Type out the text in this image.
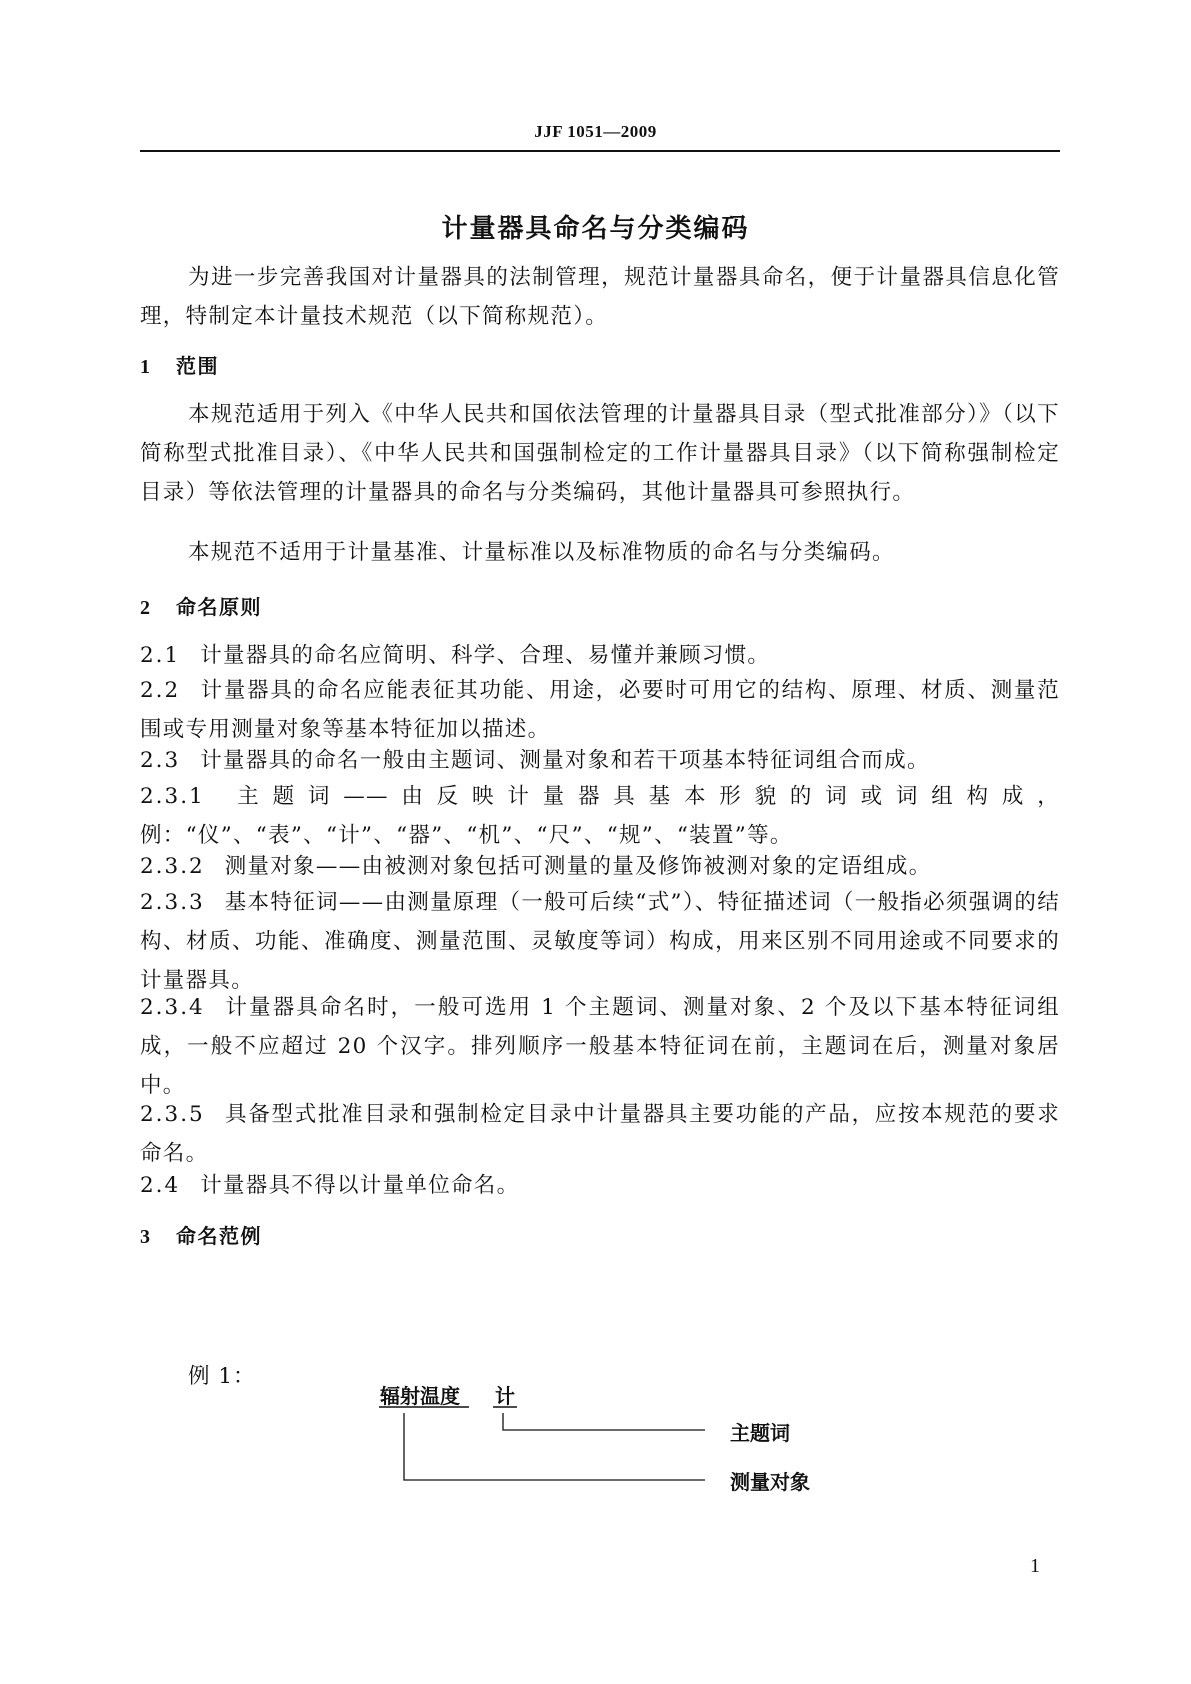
JJF 1051—2009
计量器具命名与分类编码

为进一步完善我国对计量器具的法制管理，规范计量器具命名，便于计量器具信息化管理，特制定本计量技术规范（以下简称规范）。

1 范围

本规范适用于列入《中华人民共和国依法管理的计量器具目录（型式批准部分）》（以下简称型式批准目录）、《中华人民共和国强制检定的工作计量器具目录》（以下简称强制检定目录）等依法管理的计量器具的命名与分类编码，其他计量器具可参照执行。

本规范不适用于计量基准、计量标准以及标准物质的命名与分类编码。

2 命名原则

2.1 计量器具的命名应简明、科学、合理、易懂并兼顾习惯。

2.2 计量器具的命名应能表征其功能、用途，必要时可用它的结构、原理、材质、测量范围或专用测量对象等基本特征加以描述。

2.3 计量器具的命名一般由主题词、测量对象和若干项基本特征词组合而成。

2.3.1 主题词——由反映计量器具基本形貌的词或词组构成，例：“仪”、“表”、“计”、“器”、“机”、“尺”、“规”、“装置”等。

2.3.2 测量对象——由被测对象包括可测量的量及修饰被测对象的定语组成。

2.3.3 基本特征词——由测量原理（一般可后续“式”）、特征描述词（一般指必须强调的结构、材质、功能、准确度、测量范围、灵敏度等词）构成，用来区别不同用途或不同要求的计量器具。

2.3.4 计量器具命名时，一般可选用 1 个主题词、测量对象、2 个及以下基本特征词组成，一般不应超过 20 个汉字。排列顺序一般基本特征词在前，主题词在后，测量对象居中。

2.3.5 具备型式批准目录和强制检定目录中计量器具主要功能的产品，应按本规范的要求命名。

2.4 计量器具不得以计量单位命名。

3 命名范例
例 1：
辐射温度 计
主题词
测量对象
1
